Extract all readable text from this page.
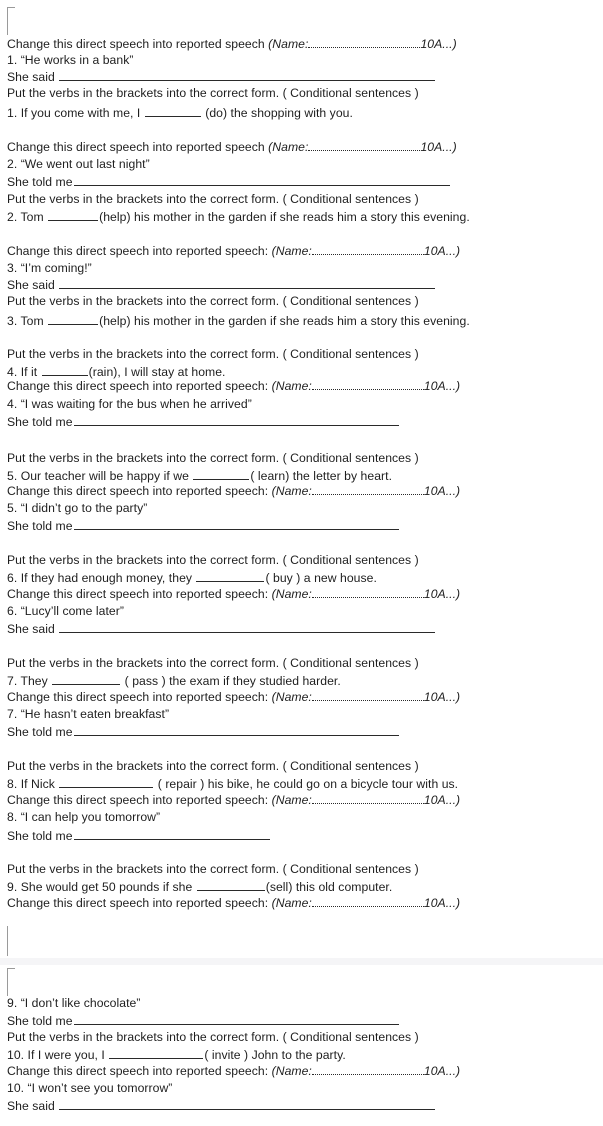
Change this direct speech into reported speech (Name:	10A...)
1. “He works in a bank”
She said
Put the verbs in the brackets into the correct form. ( Conditional sentences )
1. If you come with me, I	(do) the shopping with you.
Change this direct speech into reported speech (Name:	10A...)
2. “We went out last night”
She told me
Put the verbs in the brackets into the correct form. ( Conditional sentences )
2. Tom	(help) his mother in the garden if she reads him a story this evening.
Change this direct speech into reported speech: (Name:	10A...)
3. “I’m coming!”
She said
Put the verbs in the brackets into the correct form. ( Conditional sentences )
3. Tom	(help) his mother in the garden if she reads him a story this evening.
Put the verbs in the brackets into the correct form. ( Conditional sentences )
4. If it	(rain), I will stay at home.
Change this direct speech into reported speech: (Name:	10A...)
4. “I was waiting for the bus when he arrived”
She told me
Put the verbs in the brackets into the correct form. ( Conditional sentences )
5. Our teacher will be happy if we	( learn) the letter by heart.
Change this direct speech into reported speech: (Name:	10A...)
5. “I didn’t go to the party”
She told me
Put the verbs in the brackets into the correct form. ( Conditional sentences )
6. If they had enough money, they	( buy ) a new house.
Change this direct speech into reported speech: (Name:	10A...)
6. “Lucy’ll come later”
She said
Put the verbs in the brackets into the correct form. ( Conditional sentences )
7. They	( pass ) the exam if they studied harder.
Change this direct speech into reported speech: (Name:	10A...)
7. “He hasn’t eaten breakfast”
She told me
Put the verbs in the brackets into the correct form. ( Conditional sentences )
8. If Nick	( repair ) his bike, he could go on a bicycle tour with us.
Change this direct speech into reported speech: (Name:	10A...)
8. “I can help you tomorrow”
She told me
Put the verbs in the brackets into the correct form. ( Conditional sentences )
9. She would get 50 pounds if she	(sell) this old computer.
Change this direct speech into reported speech: (Name:	10A...)
9. “I don’t like chocolate”
She told me
Put the verbs in the brackets into the correct form. ( Conditional sentences )
10. If I were you, I	( invite ) John to the party.
Change this direct speech into reported speech: (Name:	10A...)
10. “I won’t see you tomorrow”
She said
